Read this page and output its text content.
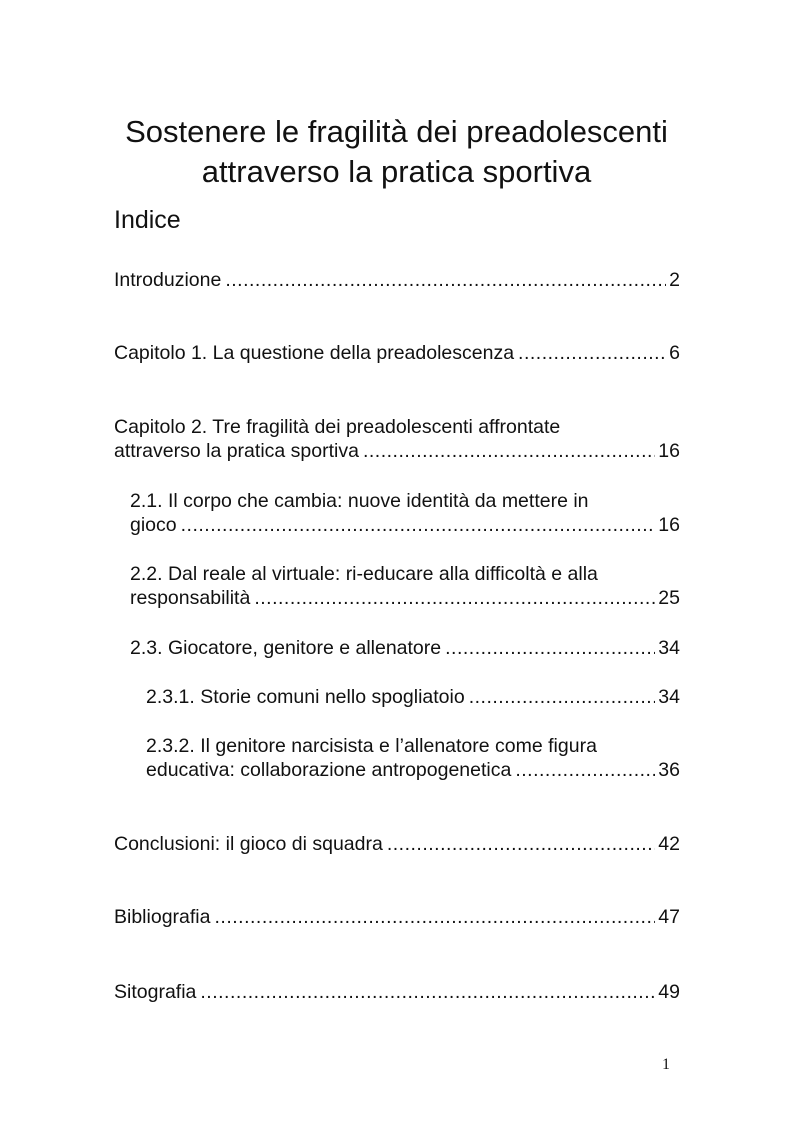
Sostenere le fragilità dei preadolescenti
attraverso la pratica sportiva
Indice
Introduzione .....	2
Capitolo 1. La questione della preadolescenza .....	6
Capitolo 2. Tre fragilità dei preadolescenti affrontate
attraverso la pratica sportiva .....	16
2.1. Il corpo che cambia: nuove identità da mettere in
gioco .....	16
2.2. Dal reale al virtuale: ri-educare alla difficoltà e alla
responsabilità .....	25
2.3. Giocatore, genitore e allenatore .....	34
2.3.1. Storie comuni nello spogliatoio .....	34
2.3.2. Il genitore narcisista e l’allenatore come figura
educativa: collaborazione antropogenetica .....	36
Conclusioni: il gioco di squadra .....	42
Bibliografia .....	47
Sitografia .....	49
1
